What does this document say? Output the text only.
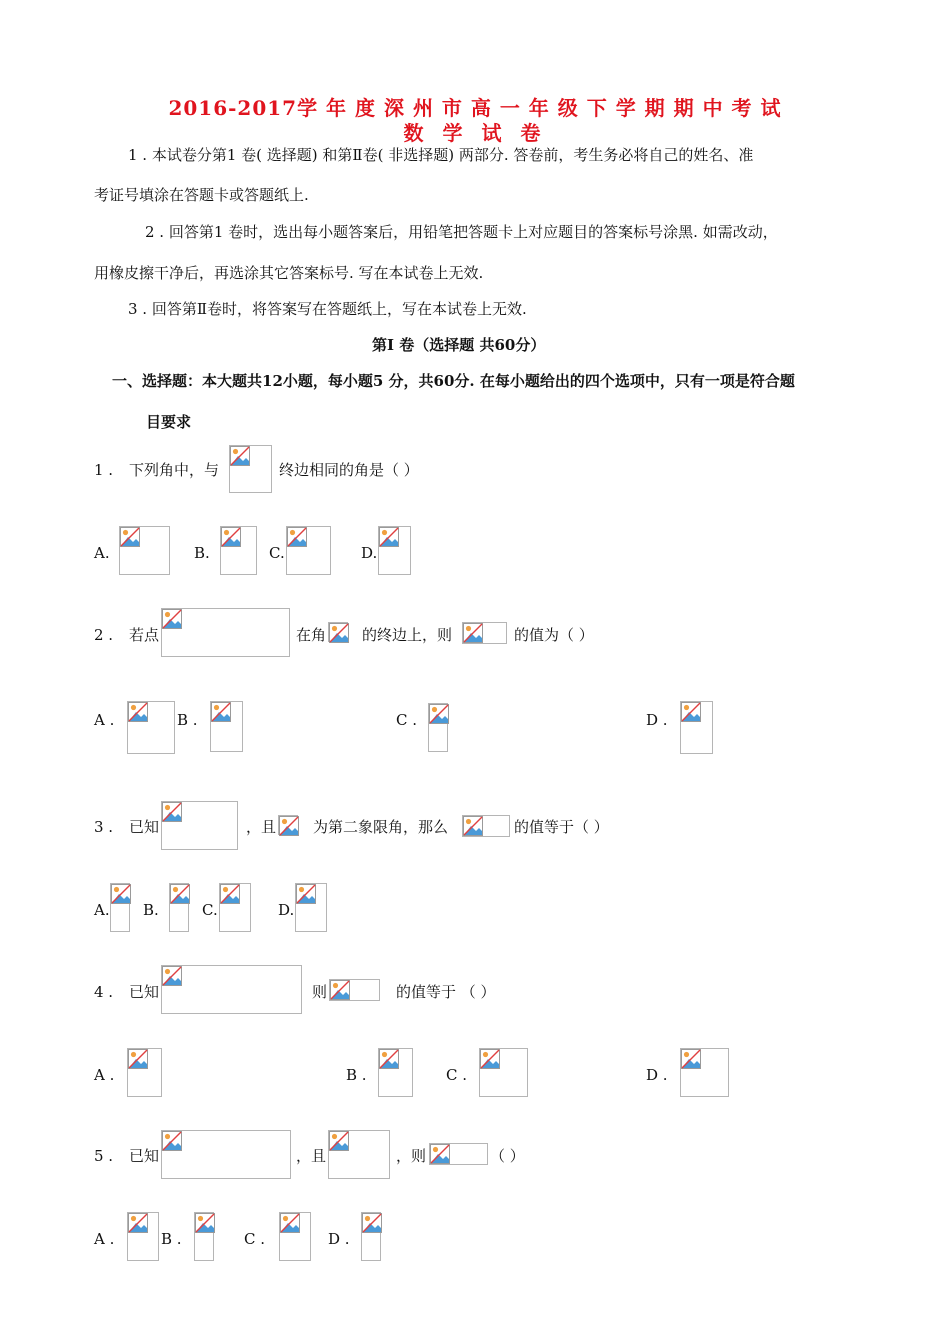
2016-2017学 年 度 深 州 市 高 一 年 级 下 学 期 期 中 考 试
数 学 试 卷
1 . 本试卷分第1 卷( 选择题) 和第Ⅱ卷( 非选择题) 两部分. 答卷前，考生务必将自己的姓名、准
考证号填涂在答题卡或答题纸上.
2 . 回答第1 卷时，选出每小题答案后，用铅笔把答题卡上对应题目的答案标号涂黑. 如需改动，
用橡皮擦干净后，再选涂其它答案标号. 写在本试卷上无效.
3 . 回答第Ⅱ卷时，将答案写在答题纸上，写在本试卷上无效.
第I 卷（选择题 共60分）
一、选择题：本大题共12小题，每小题5 分，共60分. 在每小题给出的四个选项中，只有一项是符合题
目要求
1 . 下列角中，与	终边相同的角是（ ）
A.	B.	C.	D.
2 . 若点	在角 的终边上，则	的值为（ ）
A .	B .	C .	D .
3 . 已知	，且 为第二象限角，那么	的值等于（ ）
A. B.	C.	D.
4 . 已知	则	的值等于 （ ）
A .	B .	C .	D .
5 . 已知	，且	，则	（ ）
A .	B .	C .	D .
